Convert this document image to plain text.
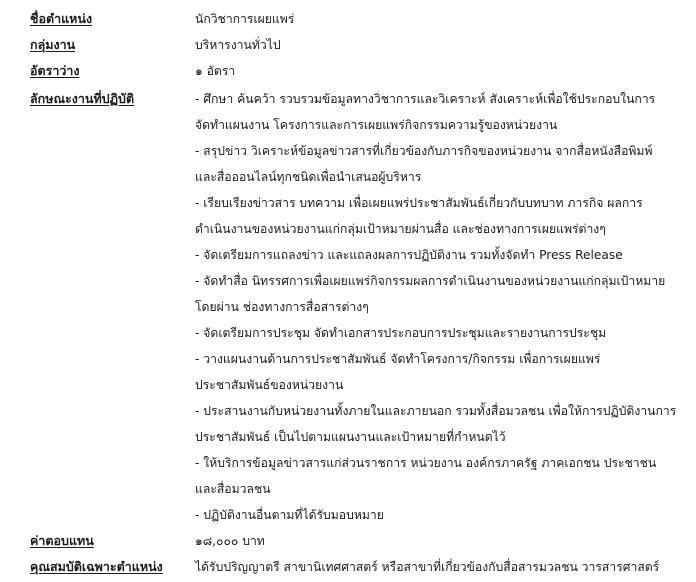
ชื่อตำแหน่ง	นักวิชาการเผยแพร่
กลุ่มงาน	บริหารงานทั่วไป
อัตราว่าง	๑ อัตรา
ลักษณะงานที่ปฏิบัติ	- ศึกษา ค้นคว้า รวบรวมข้อมูลทางวิชาการและวิเคราะห์ สังเคราะห์เพื่อใช้ประกอบในการ
จัดทำแผนงาน โครงการและการเผยแพร่กิจกรรมความรู้ของหน่วยงาน
- สรุปข่าว วิเคราะห์ข้อมูลข่าวสารที่เกี่ยวข้องกับภารกิจของหน่วยงาน จากสื่อหนังสือพิมพ์
และสื่อออนไลน์ทุกชนิดเพื่อนำเสนอผู้บริหาร
- เรียบเรียงข่าวสาร บทความ เพื่อเผยแพร่ประชาสัมพันธ์เกี่ยวกับบทบาท ภารกิจ ผลการ
ดำเนินงานของหน่วยงานแก่กลุ่มเป้าหมายผ่านสื่อ และช่องทางการเผยแพร่ต่างๆ
- จัดเตรียมการแถลงข่าว และแถลงผลการปฏิบัติงาน รวมทั้งจัดทำ Press Release
- จัดทำสื่อ นิทรรศการเพื่อเผยแพร่กิจกรรมผลการดำเนินงานของหน่วยงานแก่กลุ่มเป้าหมาย
โดยผ่าน ช่องทางการสื่อสารต่างๆ
- จัดเตรียมการประชุม จัดทำเอกสารประกอบการประชุมและรายงานการประชุม
- วางแผนงานด้านการประชาสัมพันธ์ จัดทำโครงการ/กิจกรรม เพื่อการเผยแพร่
ประชาสัมพันธ์ของหน่วยงาน
- ประสานงานกับหน่วยงานทั้งภายในและภายนอก รวมทั้งสื่อมวลชน เพื่อให้การปฏิบัติงานการ
ประชาสัมพันธ์ เป็นไปตามแผนงานและเป้าหมายที่กำหนดไว้
- ให้บริการข้อมูลข่าวสารแก่ส่วนราชการ หน่วยงาน องค์กรภาครัฐ ภาคเอกชน ประชาชน
และสื่อมวลชน
- ปฏิบัติงานอื่นตามที่ได้รับมอบหมาย
ค่าตอบแทน	๑๘,๐๐๐ บาท
คุณสมบัติเฉพาะตำแหน่ง	ได้รับปริญญาตรี สาขานิเทศศาสตร์ หรือสาขาที่เกี่ยวข้องกับสื่อสารมวลชน วารสารศาสตร์
